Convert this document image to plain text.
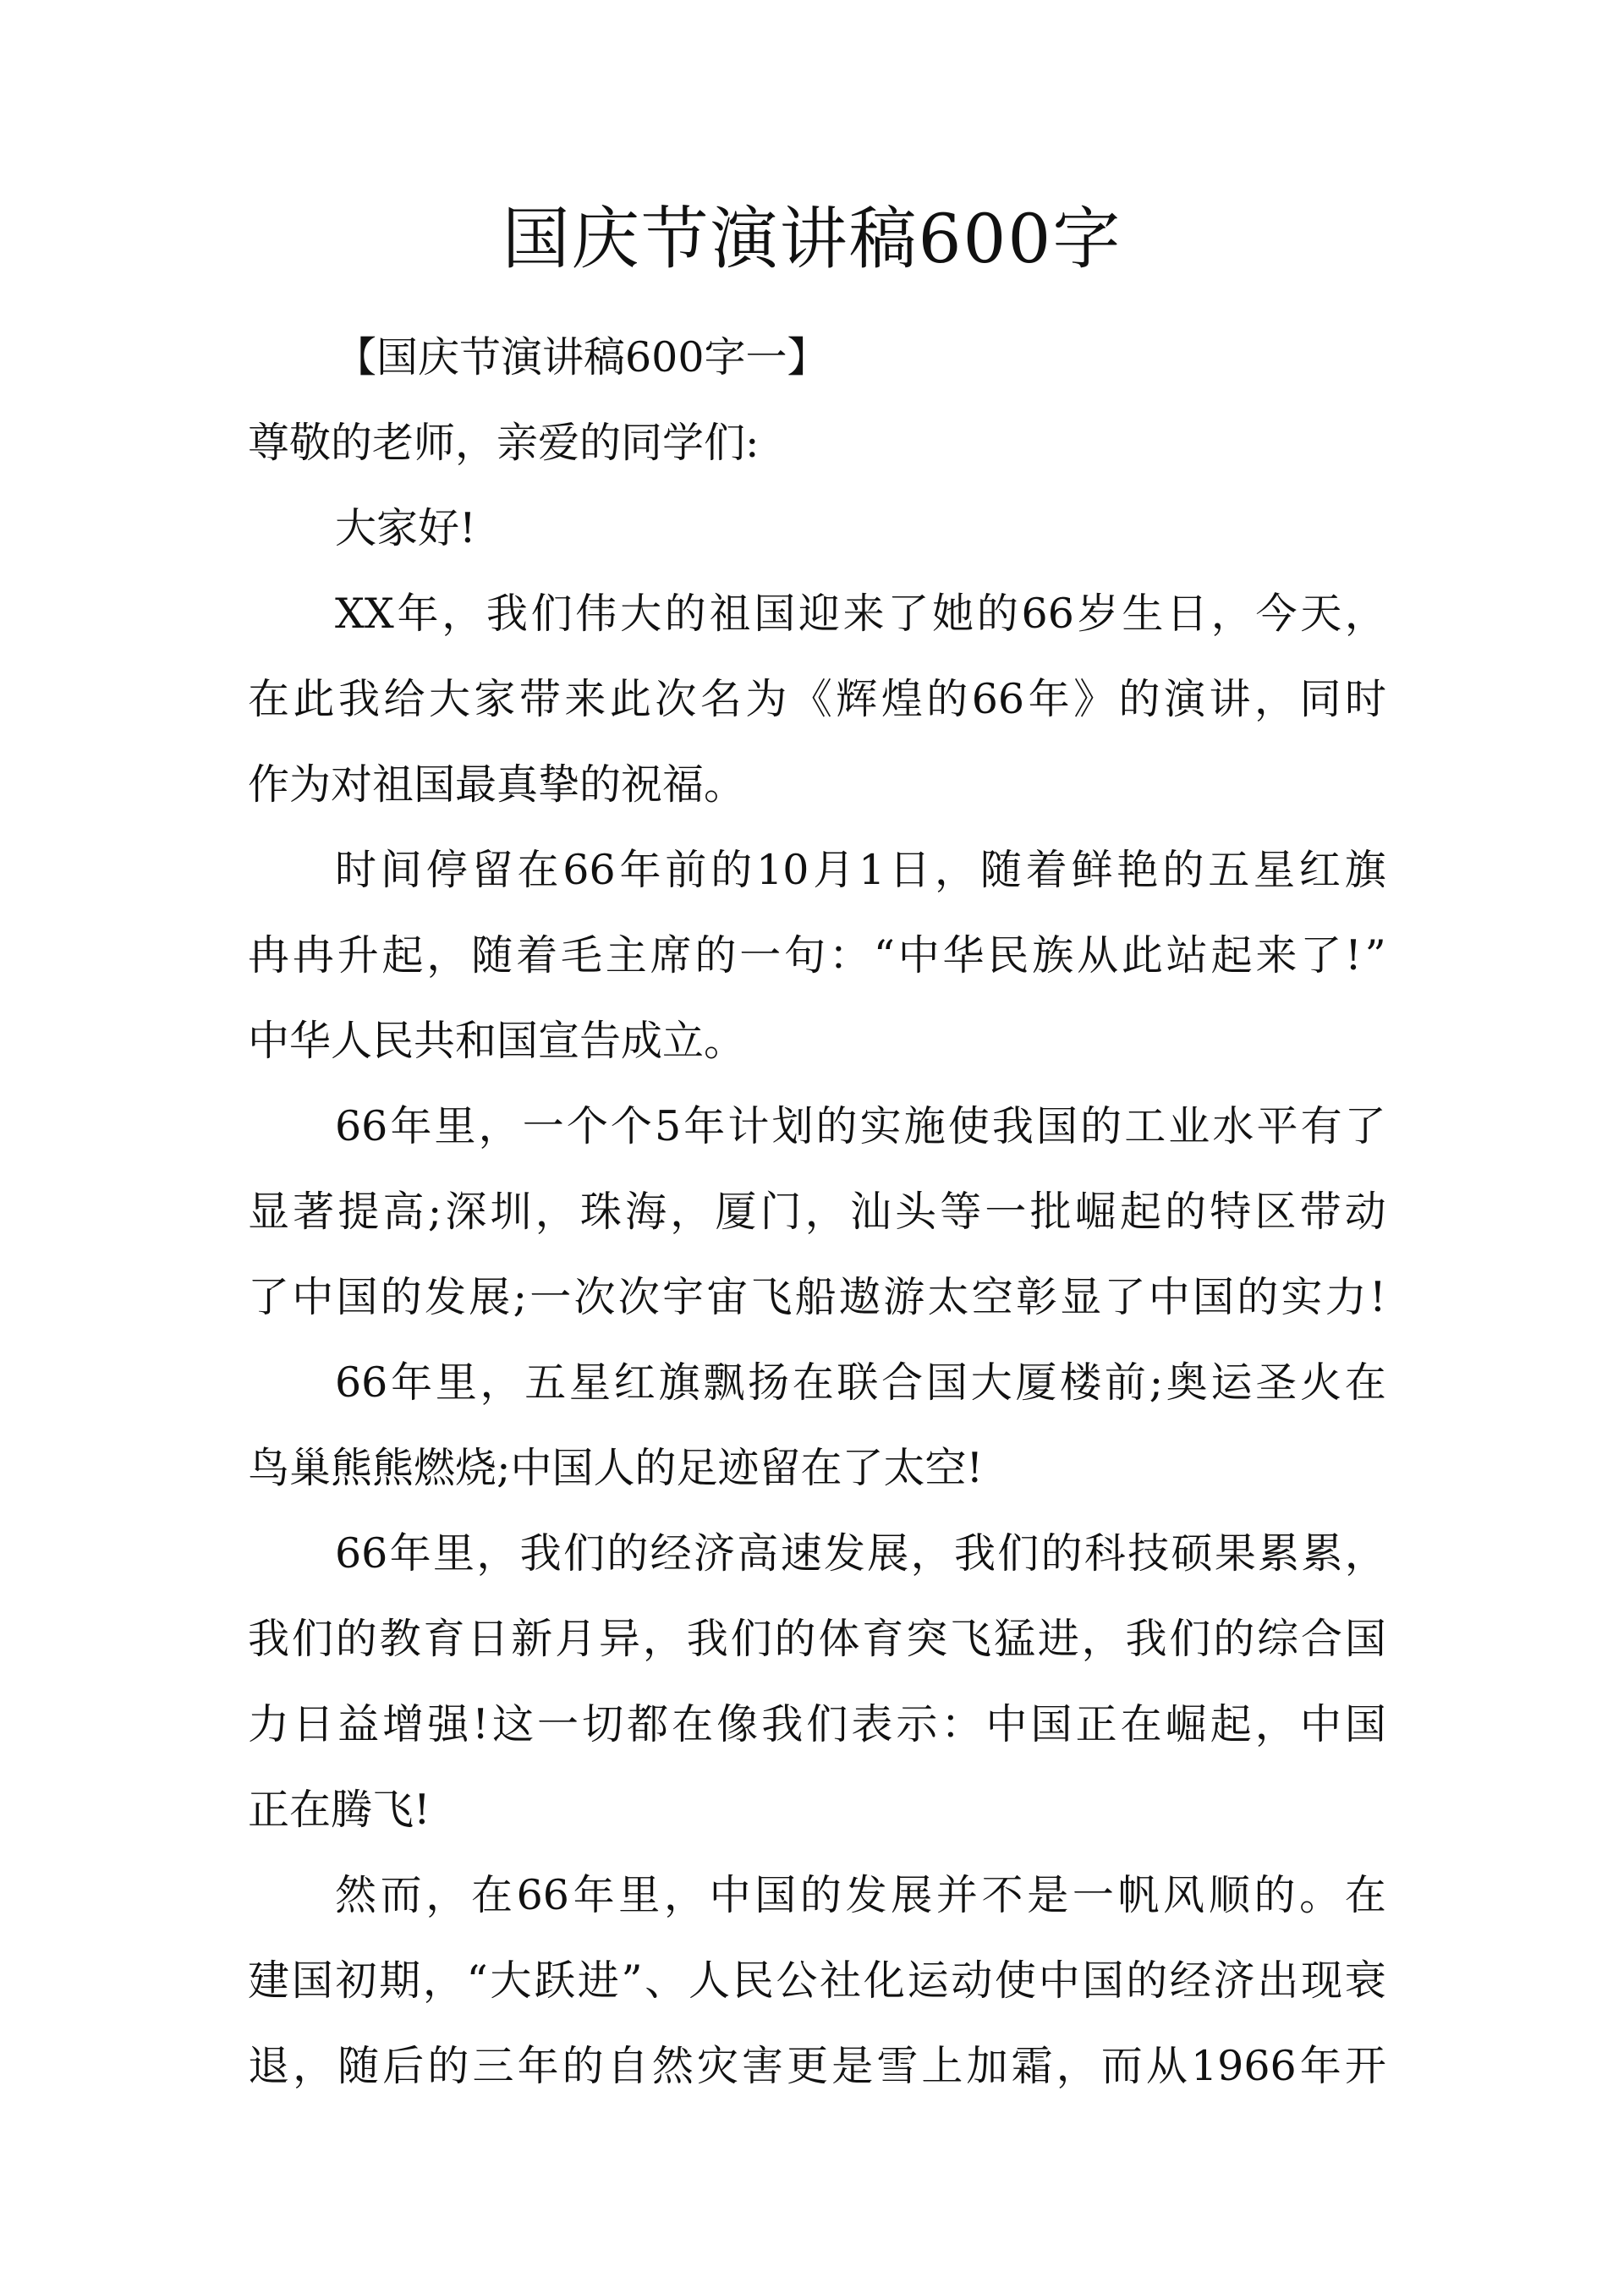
国庆节演讲稿600字

【国庆节演讲稿600字一】

尊敬的老师，亲爱的同学们:

大家好!

XX 年 ， 我 们 伟 大 的 祖 国 迎 来 了 她 的 66 岁 生 日 ， 今 天 ，

在 此 我 给 大 家 带 来 此 次 名 为 《 辉 煌 的 66 年 》 的 演 讲 ， 同 时

作为对祖国最真挚的祝福。

时 间 停 留 在 66 年 前 的 10 月 1 日 ， 随 着 鲜 艳 的 五 星 红 旗

冉 冉 升 起 ， 随 着 毛 主 席 的 一 句 ： “ 中 华 民 族 从 此 站 起 来 了 ! ”

中华人民共和国宣告成立。

66 年 里 ， 一 个 个 5 年 计 划 的 实 施 使 我 国 的 工 业 水 平 有 了

显 著 提 高 ; 深 圳 ， 珠 海 ， 厦 门 ， 汕 头 等 一 批 崛 起 的 特 区 带 动

了 中 国 的 发 展 ; 一 次 次 宇 宙 飞 船 遨 游 太 空 彰 显 了 中 国 的 实 力 !

66 年 里 ， 五 星 红 旗 飘 扬 在 联 合 国 大 厦 楼 前 ; 奥 运 圣 火 在

鸟巢熊熊燃烧;中国人的足迹留在了太空!

66 年 里 ， 我 们 的 经 济 高 速 发 展 ， 我 们 的 科 技 硕 果 累 累 ，

我 们 的 教 育 日 新 月 异 ， 我 们 的 体 育 突 飞 猛 进 ， 我 们 的 综 合 国

力 日 益 增 强 ! 这 一 切 都 在 像 我 们 表 示 ： 中 国 正 在 崛 起 ， 中 国

正在腾飞!

然 而 ， 在 66 年 里 ， 中 国 的 发 展 并 不 是 一 帆 风 顺 的 。 在

建 国 初 期 ， “ 大 跃 进 ” 、 人 民 公 社 化 运 动 使 中 国 的 经 济 出 现 衰

退 ， 随 后 的 三 年 的 自 然 灾 害 更 是 雪 上 加 霜 ， 而 从 1966 年 开
